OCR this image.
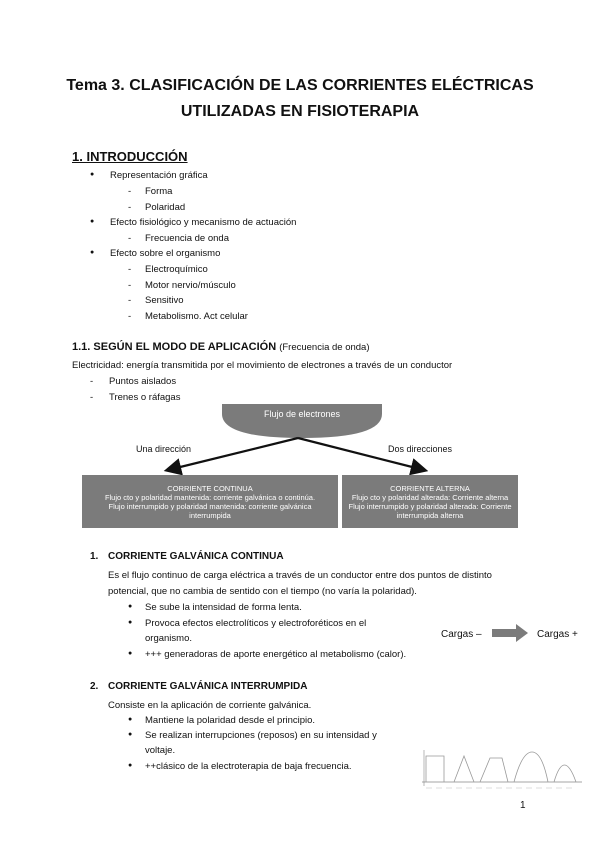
Tema 3. CLASIFICACIÓN DE LAS CORRIENTES ELÉCTRICAS
UTILIZADAS EN FISIOTERAPIA
1. INTRODUCCIÓN
● Representación gráfica
- Forma
- Polaridad
● Efecto fisiológico y mecanismo de actuación
- Frecuencia de onda
● Efecto sobre el organismo
- Electroquímico
- Motor nervio/músculo
- Sensitivo
- Metabolismo. Act celular
1.1. SEGÚN EL MODO DE APLICACIÓN (Frecuencia de onda)
Electricidad: energía transmitida por el movimiento de electrones a través de un conductor
- Puntos aislados
- Trenes o ráfagas
Flujo de electrones
Una dirección	Dos direcciones
CORRIENTE CONTINUA
Flujo cto y polaridad mantenida: corriente galvánica o continúa.
Flujo interrumpido y polaridad mantenida: corriente galvánica
interrumpida
CORRIENTE ALTERNA
Flujo cto y polaridad alterada: Corriente alterna
Flujo interrumpido y polaridad alterada: Corriente
interrumpida alterna
1. CORRIENTE GALVÁNICA CONTINUA
Es el flujo continuo de carga eléctrica a través de un conductor entre dos puntos de distinto
potencial, que no cambia de sentido con el tiempo (no varía la polaridad).
● Se sube la intensidad de forma lenta.
● Provoca efectos electrolíticos y electroforéticos en el
organismo.
● +++ generadoras de aporte energético al metabolismo (calor).
Cargas –	Cargas +
2. CORRIENTE GALVÁNICA INTERRUMPIDA
Consiste en la aplicación de corriente galvánica.
● Mantiene la polaridad desde el principio.
● Se realizan interrupciones (reposos) en su intensidad y
voltaje.
● ++clásico de la electroterapia de baja frecuencia.
1
